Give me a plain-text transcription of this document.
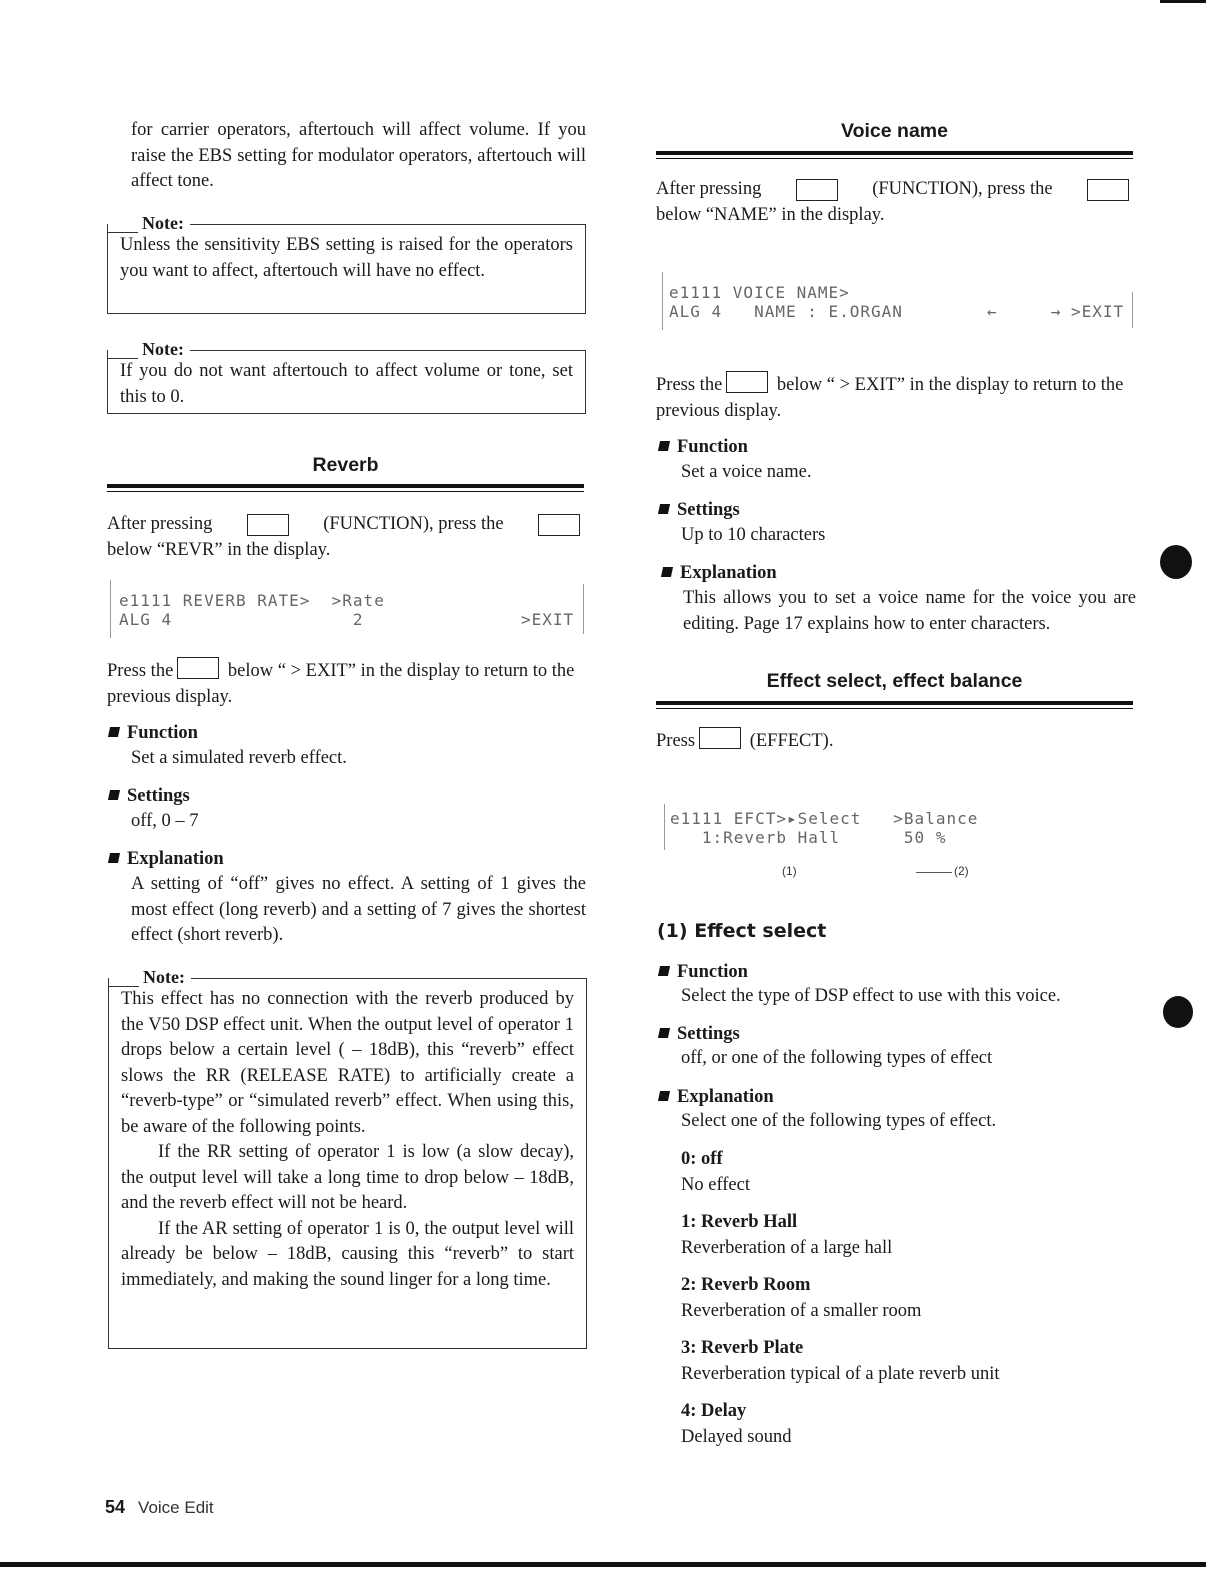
for carrier operators, aftertouch will affect volume. If you raise the EBS setting for modulator operators, aftertouch will affect tone.
Note:
Unless the sensitivity EBS setting is raised for the operators you want to affect, aftertouch will have no effect.
Note:
If you do not want aftertouch to affect volume or tone, set this to 0.
Reverb
After pressing	(FUNCTION), press the
below “REVR” in the display.
e1111 REVERB RATE>  >Rate
ALG 4                 2	>EXIT
Press the	below “ > EXIT” in the display to return to the previous display.
Function
Set a simulated reverb effect.
Settings
off, 0 – 7
Explanation
A setting of “off” gives no effect. A setting of 1 gives the most effect (long reverb) and a setting of 7 gives the shortest effect (short reverb).
Note:
This effect has no connection with the reverb produced by the V50 DSP effect unit. When the output level of operator 1 drops below a certain level ( – 18dB), this “reverb” effect slows the RR (RELEASE RATE) to artificially create a “reverb-type” or “simulated reverb” effect. When using this, be aware of the following points.
If the RR setting of operator 1 is low (a slow decay), the output level will take a long time to drop below – 18dB, and the reverb effect will not be heard.
If the AR setting of operator 1 is 0, the output level will already be below – 18dB, causing this “reverb” to start immediately, and making the sound linger for a long time.
Voice name
After pressing	(FUNCTION), press the
below “NAME” in the display.
e1111 VOICE NAME>
ALG 4   NAME : E.ORGAN	←     → >EXIT
Press the	below “ > EXIT” in the display to return to the previous display.
Function
Set a voice name.
Settings
Up to 10 characters
Explanation
This allows you to set a voice name for the voice you are editing. Page 17 explains how to enter characters.
Effect select, effect balance
Press	(EFFECT).
e1111 EFCT>▸Select   >Balance
1:Reverb Hall      50 %
(1)	(2)
(1) Effect select
Function
Select the type of DSP effect to use with this voice.
Settings
off, or one of the following types of effect
Explanation
Select one of the following types of effect.
0: off
No effect
1: Reverb Hall
Reverberation of a large hall
2: Reverb Room
Reverberation of a smaller room
3: Reverb Plate
Reverberation typical of a plate reverb unit
4: Delay
Delayed sound
54 Voice Edit
